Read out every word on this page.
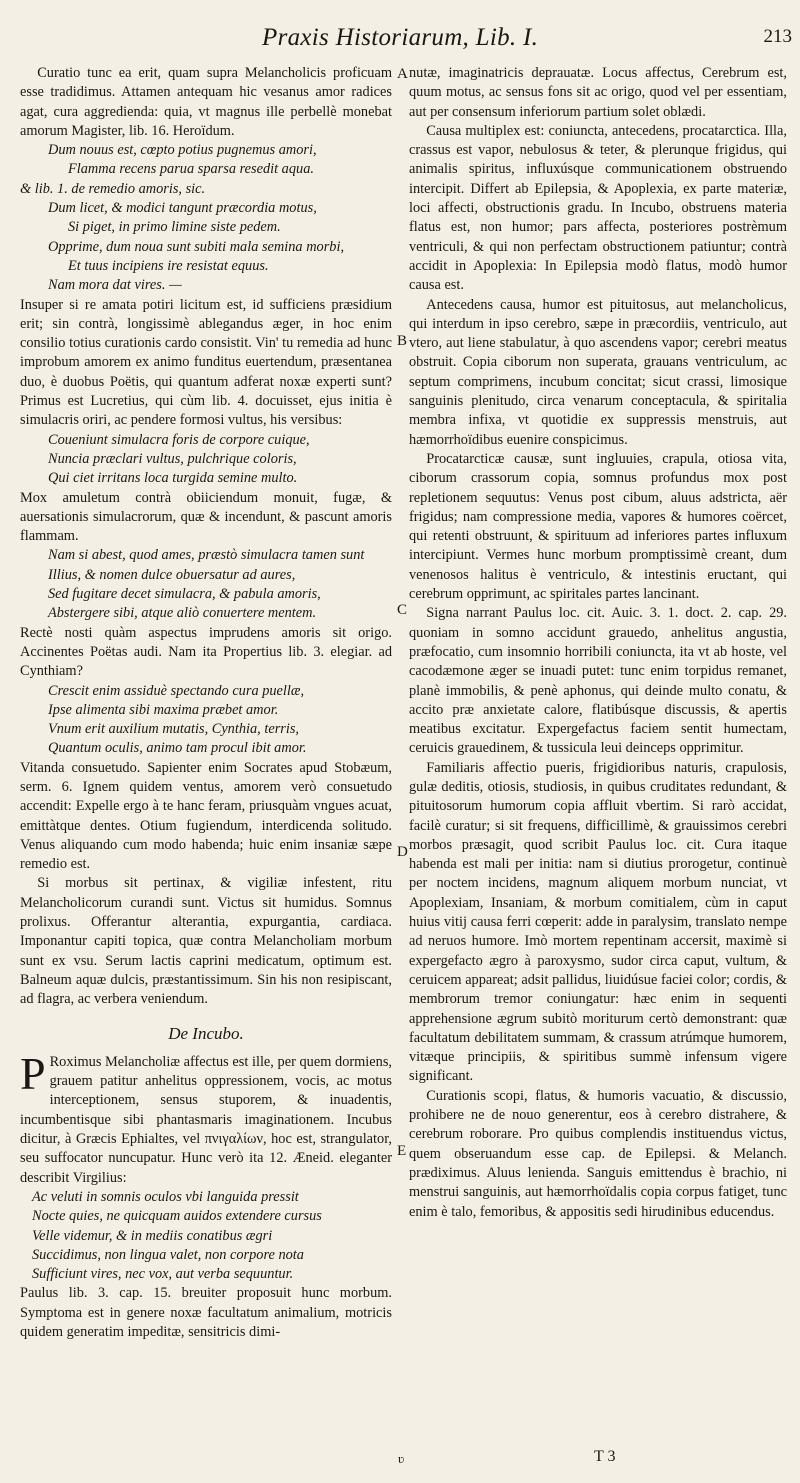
Praxis Historiarum, Lib. I.	213
A
B
C
D
E

Curatio tunc ea erit, quam supra Melancholicis proficuam esse tradidimus. Attamen antequam hic vesanus amor radices agat, cura aggredienda: quia, vt magnus ille perbellè monebat amorum Magister, lib. 16. Heroïdum.

Dum nouus est, cœpto potius pugnemus amori,

Flamma recens parua sparsa resedit aqua.

& lib. 1. de remedio amoris, sic.

Dum licet, & modici tangunt præcordia motus,

Si piget, in primo limine siste pedem.

Opprime, dum noua sunt subiti mala semina morbi,

Et tuus incipiens ire resistat equus.

Nam mora dat vires. —

Insuper si re amata potiri licitum est, id sufficiens præsidium erit; sin contrà, longissimè ablegandus æger, in hoc enim consilio totius curationis cardo consistit. Vin' tu remedia ad hunc improbum amorem ex animo funditus euertendum, præsentanea duo, è duobus Poëtis, qui quantum adferat noxæ experti sunt? Primus est Lucretius, qui cùm lib. 4. docuisset, ejus initia è simulacris oriri, ac pendere formosi vultus, his versibus:

Coueniunt simulacra foris de corpore cuique,

Nuncia præclari vultus, pulchrique coloris,

Qui ciet irritans loca turgida semine multo.

Mox amuletum contrà obiiciendum monuit, fugæ, & auersationis simulacrorum, quæ & incendunt, & pascunt amoris flammam.

Nam si abest, quod ames, præstò simulacra tamen sunt

Illius, & nomen dulce obuersatur ad aures,

Sed fugitare decet simulacra, & pabula amoris,

Abstergere sibi, atque aliò conuertere mentem.

Rectè nosti quàm aspectus imprudens amoris sit origo. Accinentes Poëtas audi. Nam ita Propertius lib. 3. elegiar. ad Cynthiam?

Crescit enim assiduè spectando cura puellæ,

Ipse alimenta sibi maxima præbet amor.

Vnum erit auxilium mutatis, Cynthia, terris,

Quantum oculis, animo tam procul ibit amor.

Vitanda consuetudo. Sapienter enim Socrates apud Stobæum, serm. 6. Ignem quidem ventus, amorem verò consuetudo accendit: Expelle ergo à te hanc feram, priusquàm vngues acuat, emittàtque dentes. Otium fugiendum, interdicenda solitudo. Venus aliquando cum modo habenda; huic enim insaniæ sæpe remedio est.

Si morbus sit pertinax, & vigiliæ infestent, ritu Melancholicorum curandi sunt. Victus sit humidus. Somnus prolixus. Offerantur alterantia, expurgantia, cardiaca. Imponantur capiti topica, quæ contra Melancholiam morbum sunt ex vsu. Serum lactis caprini medicatum, optimum est. Balneum aquæ dulcis, præstantissimum. Sin his non resipiscant, ad flagra, ac verbera veniendum.

De Incubo.

PRoximus Melancholiæ affectus est ille, per quem dormiens, grauem patitur anhelitus oppressionem, vocis, ac motus interceptionem, sensus stuporem, & inuadentis, incumbentisque sibi phantasmaris imaginationem. Incubus dicitur, à Græcis Ephialtes, vel πνιγαλίων, hoc est, strangulator, seu suffocator nuncupatur. Hunc verò ita 12. Æneid. eleganter describit Virgilius:

Ac veluti in somnis oculos vbi languida pressit

Nocte quies, ne quicquam auidos extendere cursus

Velle videmur, & in mediis conatibus ægri

Succidimus, non lingua valet, non corpore nota

Sufficiunt vires, nec vox, aut verba sequuntur.

Paulus lib. 3. cap. 15. breuiter proposuit hunc morbum. Symptoma est in genere noxæ facultatum animalium, motricis quidem generatim impeditæ, sensitricis dimi-

nutæ, imaginatricis deprauatæ. Locus affectus, Cerebrum est, quum motus, ac sensus fons sit ac origo, quod vel per essentiam, aut per consensum inferiorum partium solet oblædi.

Causa multiplex est: coniuncta, antecedens, procatarctica. Illa, crassus est vapor, nebulosus & teter, & plerunque frigidus, qui animalis spiritus, influxúsque communicationem obstruendo intercipit. Differt ab Epilepsia, & Apoplexia, ex parte materiæ, loci affecti, obstructionis gradu. In Incubo, obstruens materia flatus est, non humor; pars affecta, posteriores postrèmum ventriculi, & qui non perfectam obstructionem patiuntur; contrà accidit in Apoplexia: In Epilepsia modò flatus, modò humor causa est.

Antecedens causa, humor est pituitosus, aut melancholicus, qui interdum in ipso cerebro, sæpe in præcordiis, ventriculo, aut vtero, aut liene stabulatur, à quo ascendens vapor; cerebri meatus obstruit. Copia ciborum non superata, grauans ventriculum, ac septum comprimens, incubum concitat; sicut crassi, limosique sanguinis plenitudo, circa venarum conceptacula, & spiritalia membra infixa, vt quotidie ex suppressis menstruis, aut hæmorrhoïdibus euenire conspicimus.

Procatarcticæ causæ, sunt ingluuies, crapula, otiosa vita, ciborum crassorum copia, somnus profundus mox post repletionem sequutus: Venus post cibum, aluus adstricta, aër frigidus; nam compressione media, vapores & humores coërcet, qui retenti obstruunt, & spirituum ad inferiores partes influxum intercipiunt. Vermes hunc morbum promptissimè creant, dum venenosos halitus è ventriculo, & intestinis eructant, qui cerebrum opprimunt, ac spiritales partes lancinant.

Signa narrant Paulus loc. cit. Auic. 3. 1. doct. 2. cap. 29. quoniam in somno accidunt grauedo, anhelitus angustia, præfocatio, cum insomnio horribili coniuncta, ita vt ab hoste, vel cacodæmone æger se inuadi putet: tunc enim torpidus remanet, planè immobilis, & penè aphonus, qui deinde multo conatu, & accito præ anxietate calore, flatibúsque discussis, & apertis meatibus excitatur. Expergefactus faciem sentit humectam, ceruicis grauedinem, & tussicula leui deinceps opprimitur.

Familiaris affectio pueris, frigidioribus naturis, crapulosis, gulæ deditis, otiosis, studiosis, in quibus cruditates redundant, & pituitosorum humorum copia affluit vbertim. Si rarò accidat, facilè curatur; si sit frequens, difficillimè, & grauissimos cerebri morbos præsagit, quod scribit Paulus loc. cit. Cura itaque habenda est mali per initia: nam si diutius prorogetur, continuè per noctem incidens, magnum aliquem morbum nunciat, vt Apoplexiam, Insaniam, & morbum comitialem, cùm in caput huius vitij causa ferri cœperit: adde in paralysim, translato nempe ad neruos humore. Imò mortem repentinam accersit, maximè si expergefacto ægro à paroxysmo, sudor circa caput, vultum, & ceruicem appareat; adsit pallidus, liuidúsue faciei color; cordis, & membrorum tremor coniungatur: hæc enim in sequenti apprehensione ægrum subitò moriturum certò demonstrant: quæ facultatum debilitatem summam, & crassum atrúmque humorem, vitæque principiis, & spiritibus summè infensum vigere significant.

Curationis scopi, flatus, & humoris vacuatio, & discussio, prohibere ne de nouo generentur, eos à cerebro distrahere, & cerebrum roborare. Pro quibus complendis instituendus victus, quem obseruandum esse cap. de Epilepsi. & Melanch. prædiximus. Aluus lenienda. Sanguis emittendus è brachio, ni menstrui sanguinis, aut hæmorrhoïdalis copia corpus fatiget, tunc enim è talo, femoribus, & appositis sedi hirudinibus educendus.

ʋ	T 3
